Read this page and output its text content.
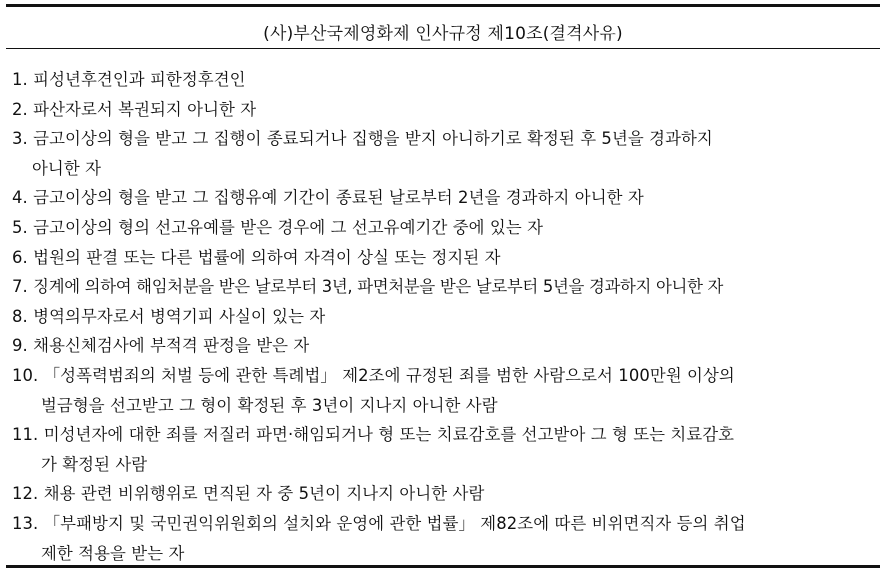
(사)부산국제영화제 인사규정 제10조(결격사유)
1. 피성년후견인과 피한정후견인
2. 파산자로서 복권되지 아니한 자
3. 금고이상의 형을 받고 그 집행이 종료되거나 집행을 받지 아니하기로 확정된 후 5년을 경과하지
아니한 자
4. 금고이상의 형을 받고 그 집행유예 기간이 종료된 날로부터 2년을 경과하지 아니한 자
5. 금고이상의 형의 선고유예를 받은 경우에 그 선고유예기간 중에 있는 자
6. 법원의 판결 또는 다른 법률에 의하여 자격이 상실 또는 정지된 자
7. 징계에 의하여 해임처분을 받은 날로부터 3년, 파면처분을 받은 날로부터 5년을 경과하지 아니한 자
8. 병역의무자로서 병역기피 사실이 있는 자
9. 채용신체검사에 부적격 판정을 받은 자
10. 「성폭력범죄의 처벌 등에 관한 특례법」 제2조에 규정된 죄를 범한 사람으로서 100만원 이상의
벌금형을 선고받고 그 형이 확정된 후 3년이 지나지 아니한 사람
11. 미성년자에 대한 죄를 저질러 파면·해임되거나 형 또는 치료감호를 선고받아 그 형 또는 치료감호
가 확정된 사람
12. 채용 관련 비위행위로 면직된 자 중 5년이 지나지 아니한 사람
13. 「부패방지 및 국민권익위원회의 설치와 운영에 관한 법률」 제82조에 따른 비위면직자 등의 취업
제한 적용을 받는 자
